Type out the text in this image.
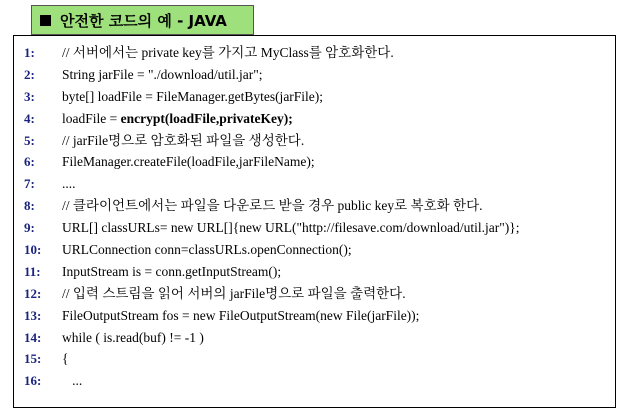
안전한 코드의 예 - JAVA
1:	// 서버에서는 private key를 가지고 MyClass를 암호화한다.
2:	String jarFile = "./download/util.jar";
3:	byte[] loadFile = FileManager.getBytes(jarFile);
4:	loadFile = encrypt(loadFile,privateKey);
5:	// jarFile명으로 암호화된 파일을 생성한다.
6:	FileManager.createFile(loadFile,jarFileName);
7:	....
8:	// 클라이언트에서는 파일을 다운로드 받을 경우 public key로 복호화 한다.
9:	URL[] classURLs= new URL[]{new URL("http://filesave.com/download/util.jar")};
10:	URLConnection conn=classURLs.openConnection();
11:	InputStream is = conn.getInputStream();
12:	// 입력 스트림을 읽어 서버의 jarFile명으로 파일을 출력한다.
13:	FileOutputStream fos = new FileOutputStream(new File(jarFile));
14:	while ( is.read(buf) != -1 )
15:	{
16:	...
